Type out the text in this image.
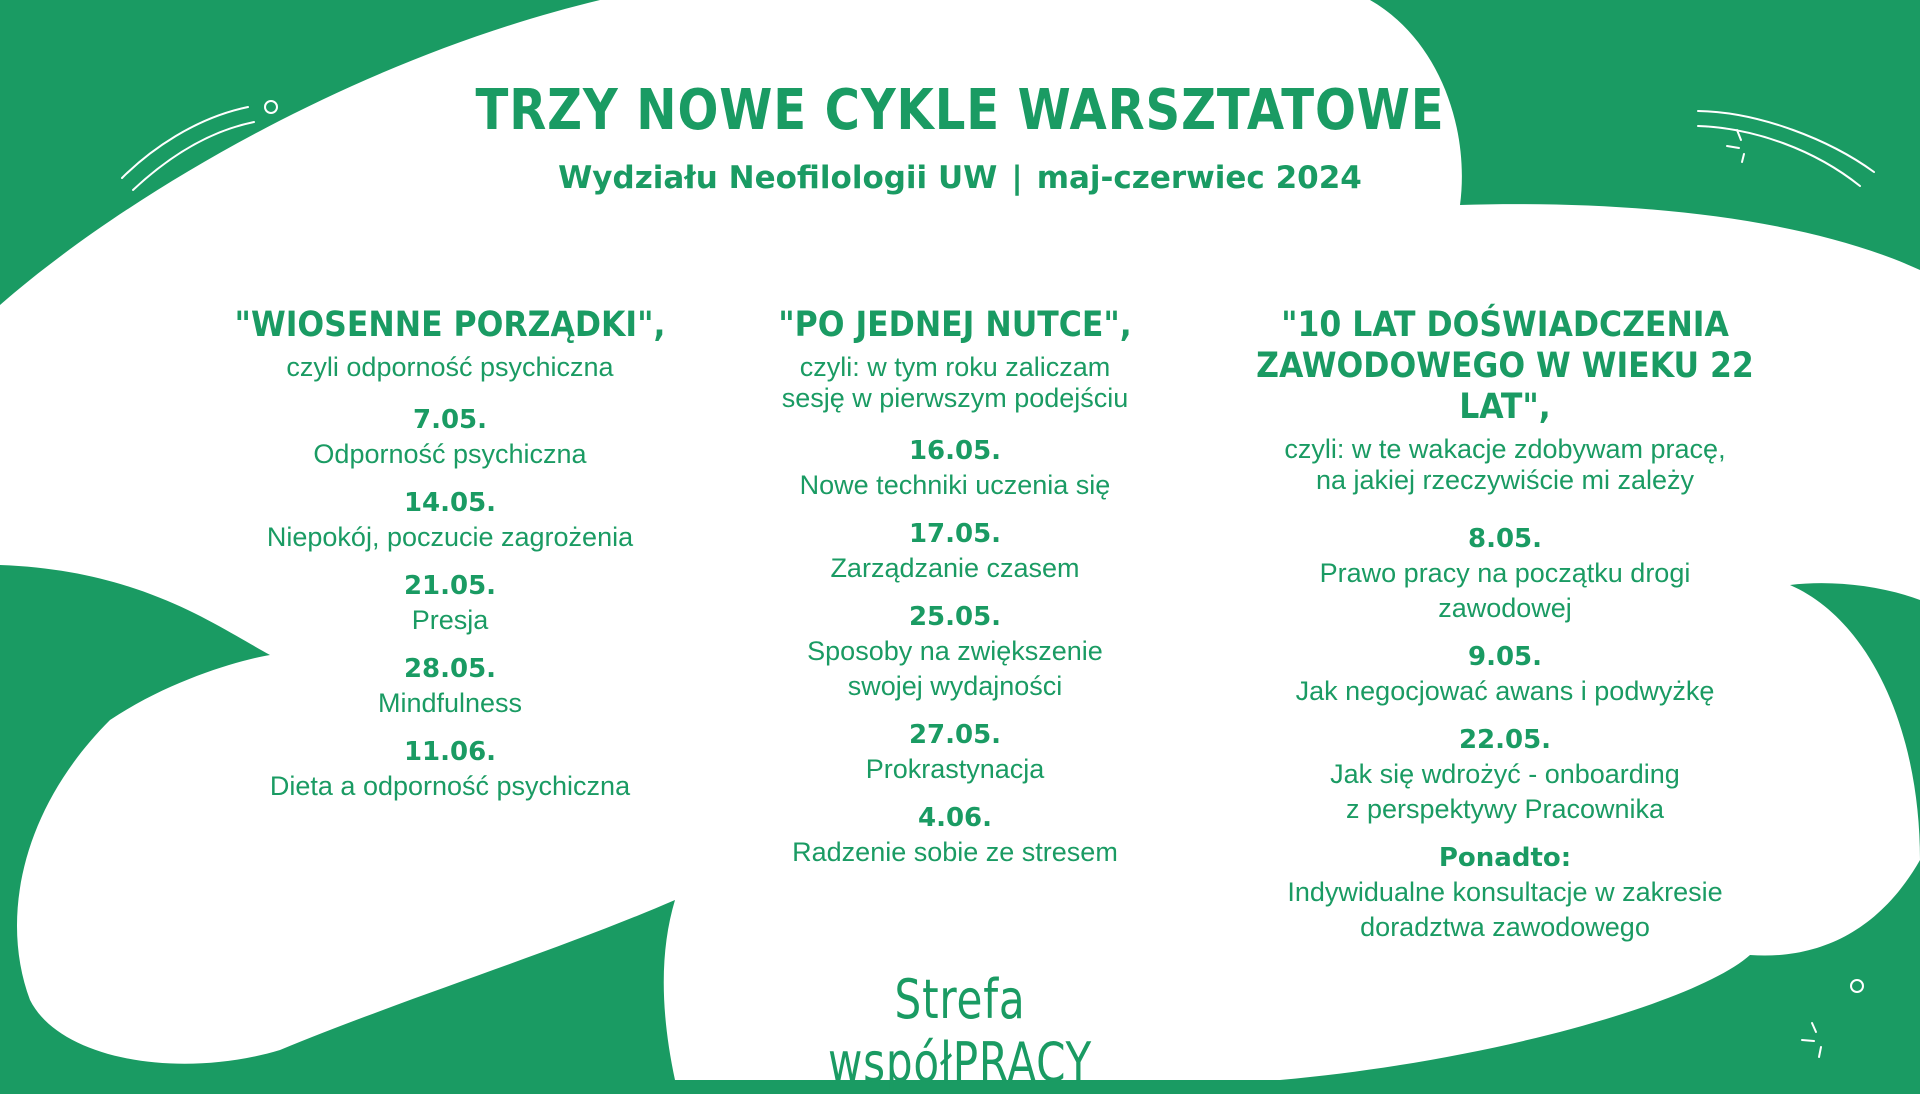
TRZY NOWE CYKLE WARSZTATOWE
Wydziału Neofilologii UW | maj-czerwiec 2024
"WIOSENNE PORZĄDKI",
czyli odporność psychiczna
7.05.
Odporność psychiczna
14.05.
Niepokój, poczucie zagrożenia
21.05.
Presja
28.05.
Mindfulness
11.06.
Dieta a odporność psychiczna
"PO JEDNEJ NUTCE",
czyli: w tym roku zaliczam
sesję w pierwszym podejściu
16.05.
Nowe techniki uczenia się
17.05.
Zarządzanie czasem
25.05.
Sposoby na zwiększenie
swojej wydajności
27.05.
Prokrastynacja
4.06.
Radzenie sobie ze stresem
"10 LAT DOŚWIADCZENIA
ZAWODOWEGO W WIEKU 22 LAT",
czyli: w te wakacje zdobywam pracę,
na jakiej rzeczywiście mi zależy
8.05.
Prawo pracy na początku drogi
zawodowej
9.05.
Jak negocjować awans i podwyżkę
22.05.
Jak się wdrożyć - onboarding
z perspektywy Pracownika
Ponadto:
Indywidualne konsultacje w zakresie
doradztwa zawodowego
Strefa współPRACY
